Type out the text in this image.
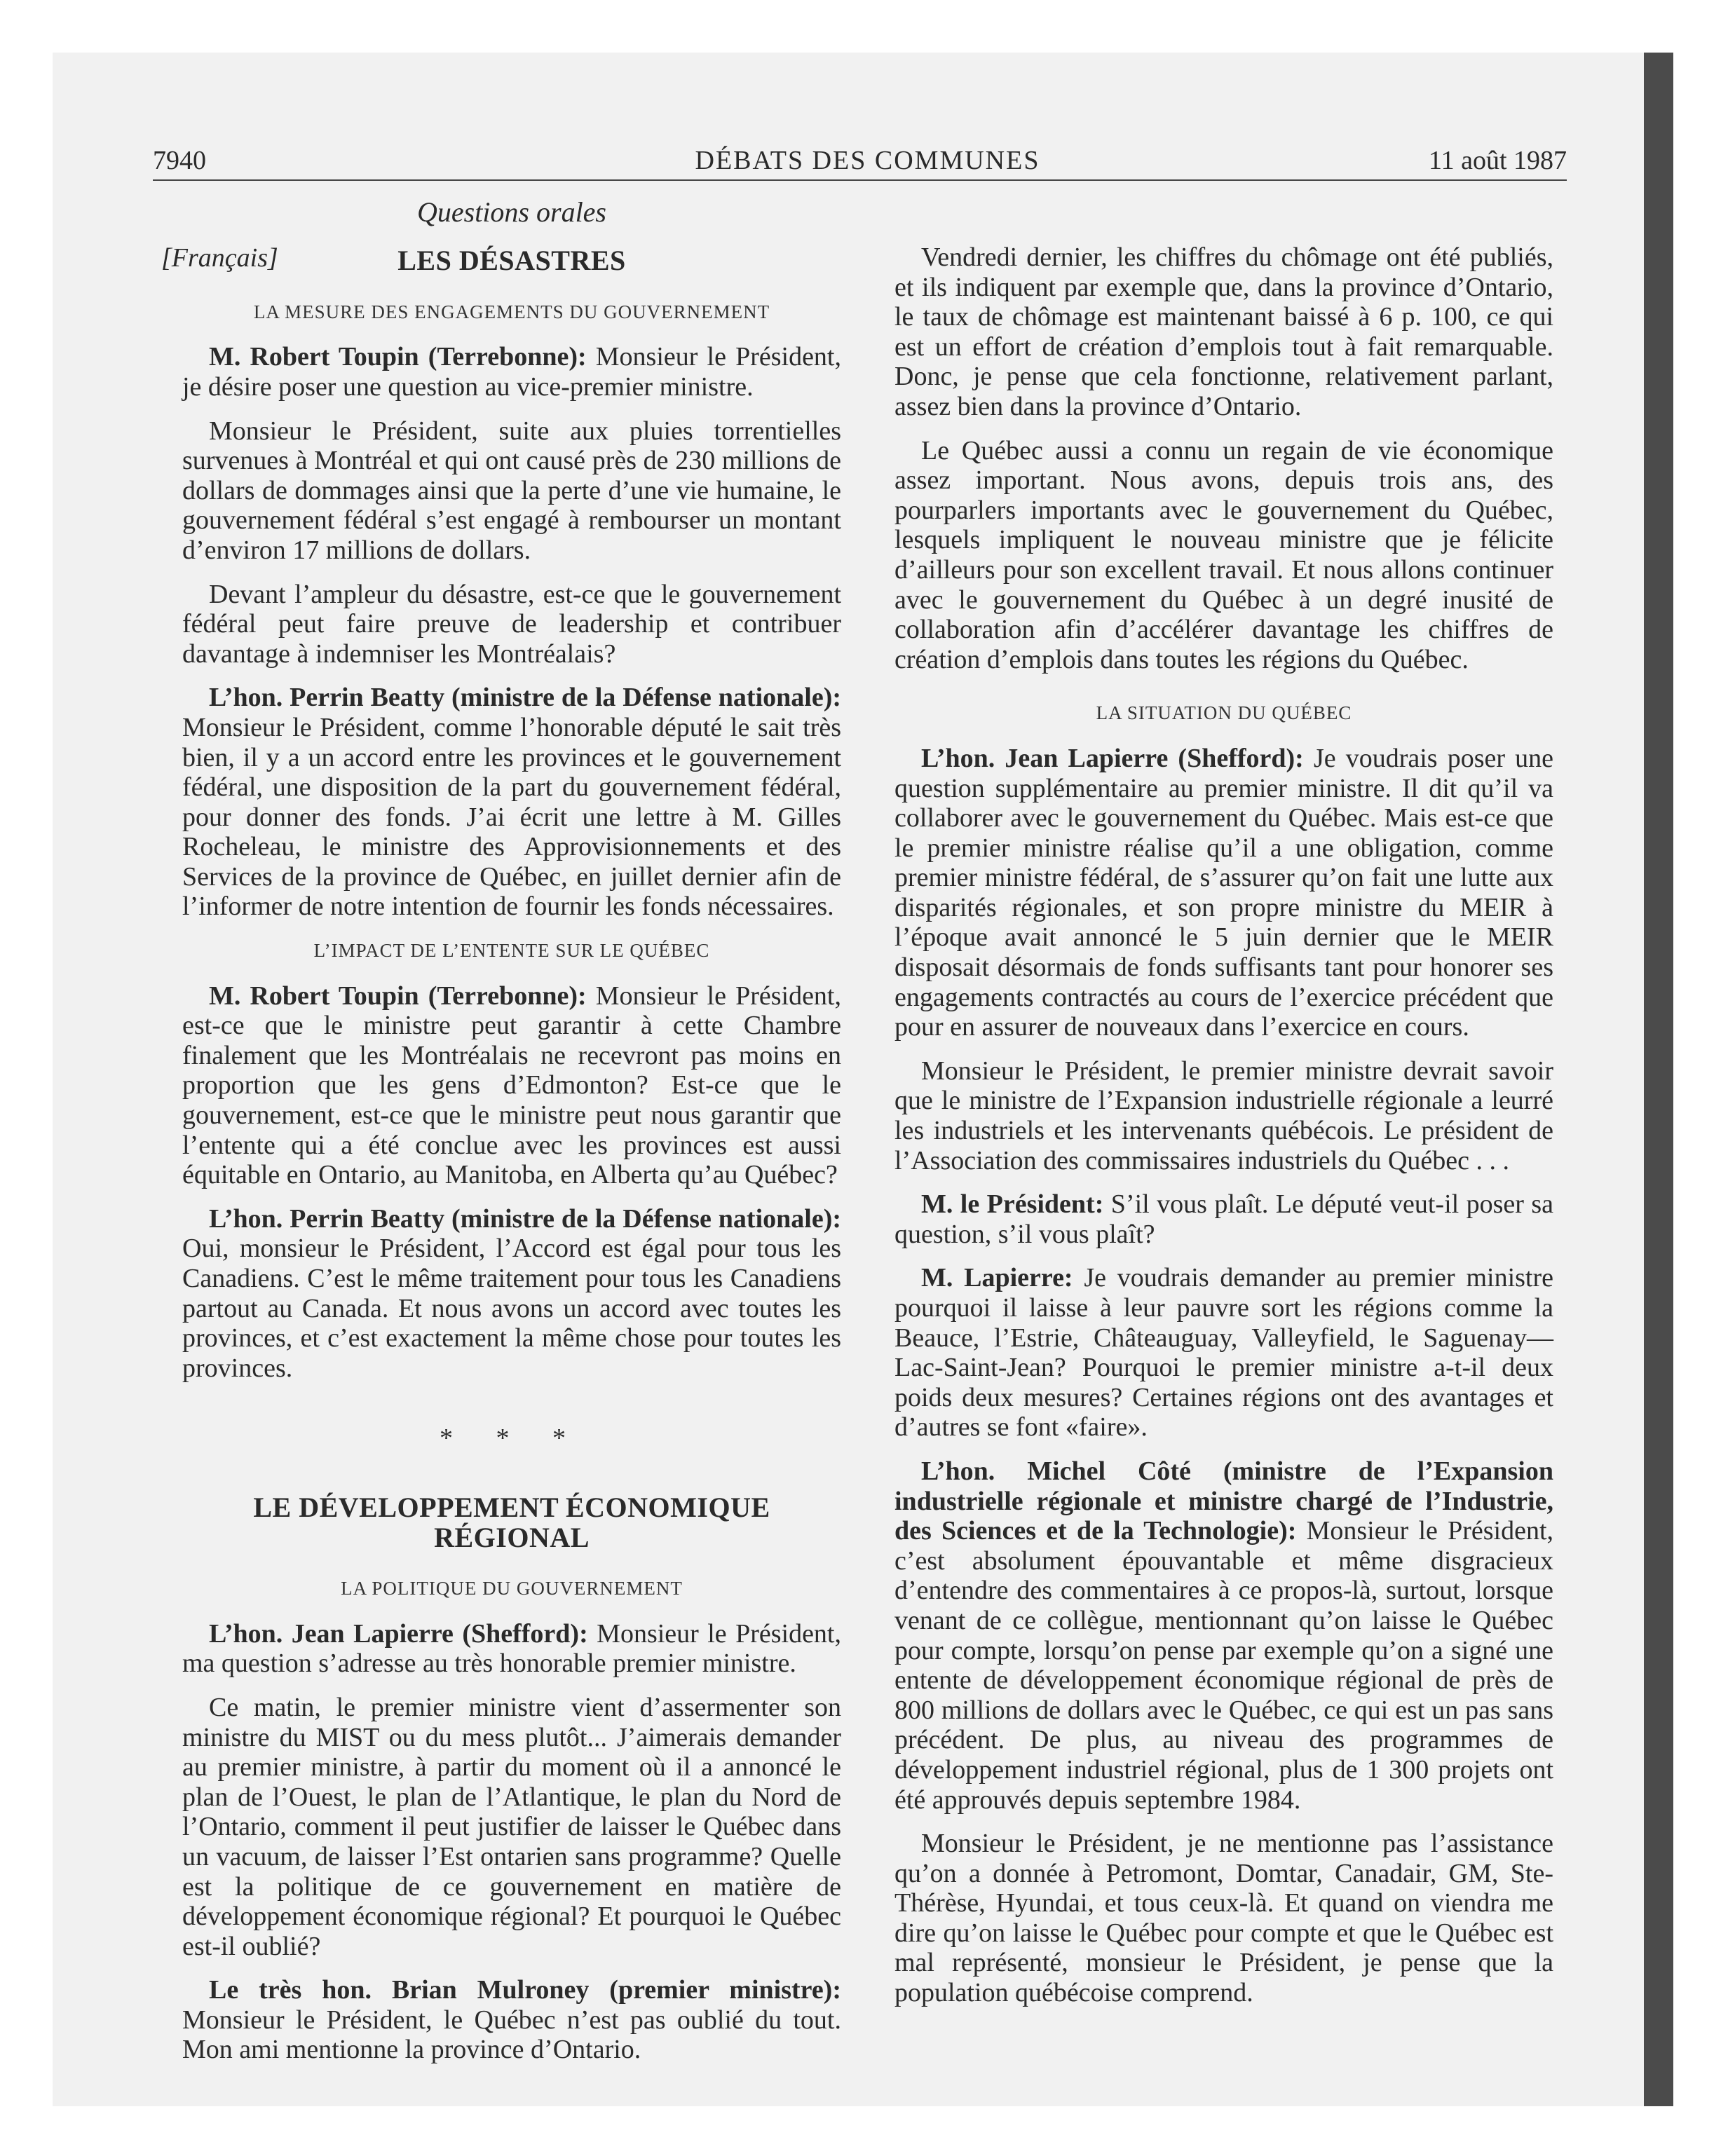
7940	DÉBATS DES COMMUNES	11 août 1987
Questions orales
[Français]	LES DÉSASTRES
LA MESURE DES ENGAGEMENTS DU GOUVERNEMENT

M. Robert Toupin (Terrebonne): Monsieur le Président, je désire poser une question au vice-premier ministre.

Monsieur le Président, suite aux pluies torrentielles survenues à Montréal et qui ont causé près de 230 millions de dollars de dommages ainsi que la perte d’une vie humaine, le gouvernement fédéral s’est engagé à rembourser un montant d’environ 17 millions de dollars.

Devant l’ampleur du désastre, est-ce que le gouvernement fédéral peut faire preuve de leadership et contribuer davantage à indemniser les Montréalais?

L’hon. Perrin Beatty (ministre de la Défense nationale): Monsieur le Président, comme l’honorable député le sait très bien, il y a un accord entre les provinces et le gouvernement fédéral, une disposition de la part du gouvernement fédéral, pour donner des fonds. J’ai écrit une lettre à M. Gilles Rocheleau, le ministre des Approvisionnements et des Services de la province de Québec, en juillet dernier afin de l’informer de notre intention de fournir les fonds nécessaires.

L’IMPACT DE L’ENTENTE SUR LE QUÉBEC

M. Robert Toupin (Terrebonne): Monsieur le Président, est-ce que le ministre peut garantir à cette Chambre finalement que les Montréalais ne recevront pas moins en proportion que les gens d’Edmonton? Est-ce que le gouvernement, est-ce que le ministre peut nous garantir que l’entente qui a été conclue avec les provinces est aussi équitable en Ontario, au Manitoba, en Alberta qu’au Québec?

L’hon. Perrin Beatty (ministre de la Défense nationale): Oui, monsieur le Président, l’Accord est égal pour tous les Canadiens. C’est le même traitement pour tous les Canadiens partout au Canada. Et nous avons un accord avec toutes les provinces, et c’est exactement la même chose pour toutes les provinces.

* * *
LE DÉVELOPPEMENT ÉCONOMIQUE RÉGIONAL
LA POLITIQUE DU GOUVERNEMENT

L’hon. Jean Lapierre (Shefford): Monsieur le Président, ma question s’adresse au très honorable premier ministre.

Ce matin, le premier ministre vient d’assermenter son ministre du MIST ou du mess plutôt... J’aimerais demander au premier ministre, à partir du moment où il a annoncé le plan de l’Ouest, le plan de l’Atlantique, le plan du Nord de l’Ontario, comment il peut justifier de laisser le Québec dans un vacuum, de laisser l’Est ontarien sans programme? Quelle est la politique de ce gouvernement en matière de développement économique régional? Et pourquoi le Québec est-il oublié?

Le très hon. Brian Mulroney (premier ministre): Monsieur le Président, le Québec n’est pas oublié du tout. Mon ami mentionne la province d’Ontario.

Vendredi dernier, les chiffres du chômage ont été publiés, et ils indiquent par exemple que, dans la province d’Ontario, le taux de chômage est maintenant baissé à 6 p. 100, ce qui est un effort de création d’emplois tout à fait remarquable. Donc, je pense que cela fonctionne, relativement parlant, assez bien dans la province d’Ontario.

Le Québec aussi a connu un regain de vie économique assez important. Nous avons, depuis trois ans, des pourparlers importants avec le gouvernement du Québec, lesquels impliquent le nouveau ministre que je félicite d’ailleurs pour son excellent travail. Et nous allons continuer avec le gouvernement du Québec à un degré inusité de collaboration afin d’accélérer davantage les chiffres de création d’emplois dans toutes les régions du Québec.

LA SITUATION DU QUÉBEC

L’hon. Jean Lapierre (Shefford): Je voudrais poser une question supplémentaire au premier ministre. Il dit qu’il va collaborer avec le gouvernement du Québec. Mais est-ce que le premier ministre réalise qu’il a une obligation, comme premier ministre fédéral, de s’assurer qu’on fait une lutte aux disparités régionales, et son propre ministre du MEIR à l’époque avait annoncé le 5 juin dernier que le MEIR disposait désormais de fonds suffisants tant pour honorer ses engagements contractés au cours de l’exercice précédent que pour en assurer de nouveaux dans l’exercice en cours.

Monsieur le Président, le premier ministre devrait savoir que le ministre de l’Expansion industrielle régionale a leurré les industriels et les intervenants québécois. Le président de l’Association des commissaires industriels du Québec . . .

M. le Président: S’il vous plaît. Le député veut-il poser sa question, s’il vous plaît?

M. Lapierre: Je voudrais demander au premier ministre pourquoi il laisse à leur pauvre sort les régions comme la Beauce, l’Estrie, Châteauguay, Valleyfield, le Saguenay—Lac-Saint-Jean? Pourquoi le premier ministre a-t-il deux poids deux mesures? Certaines régions ont des avantages et d’autres se font «faire».

L’hon. Michel Côté (ministre de l’Expansion industrielle régionale et ministre chargé de l’Industrie, des Sciences et de la Technologie): Monsieur le Président, c’est absolument épouvantable et même disgracieux d’entendre des commentaires à ce propos-là, surtout, lorsque venant de ce collègue, mentionnant qu’on laisse le Québec pour compte, lorsqu’on pense par exemple qu’on a signé une entente de développement économique régional de près de 800 millions de dollars avec le Québec, ce qui est un pas sans précédent. De plus, au niveau des programmes de développement industriel régional, plus de 1 300 projets ont été approuvés depuis septembre 1984.

Monsieur le Président, je ne mentionne pas l’assistance qu’on a donnée à Petromont, Domtar, Canadair, GM, Ste-Thérèse, Hyundai, et tous ceux-là. Et quand on viendra me dire qu’on laisse le Québec pour compte et que le Québec est mal représenté, monsieur le Président, je pense que la population québécoise comprend.
